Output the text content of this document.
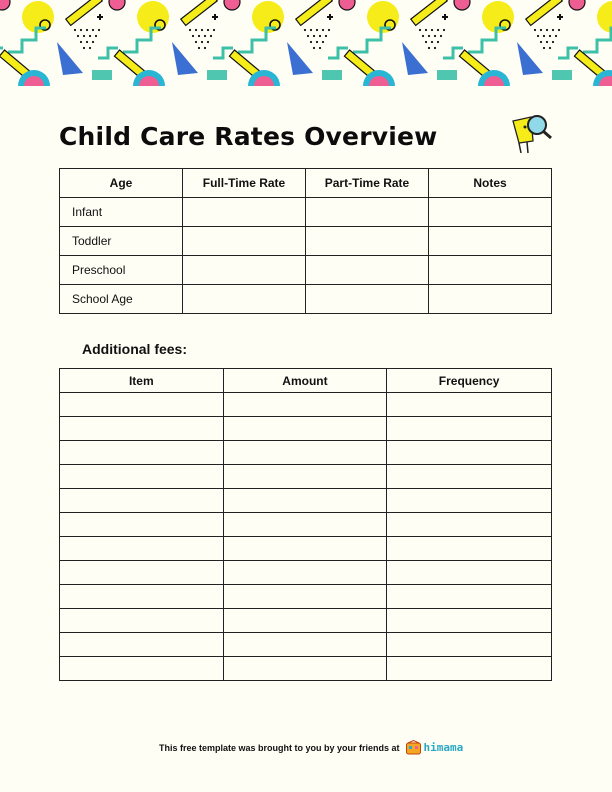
Child Care Rates Overview
Age	Full-Time Rate	Part-Time Rate	Notes
Infant			
Toddler			
Preschool			
School Age			

Additional fees:

Item	Amount	Frequency

This free template was brought to you by your friends at himama
